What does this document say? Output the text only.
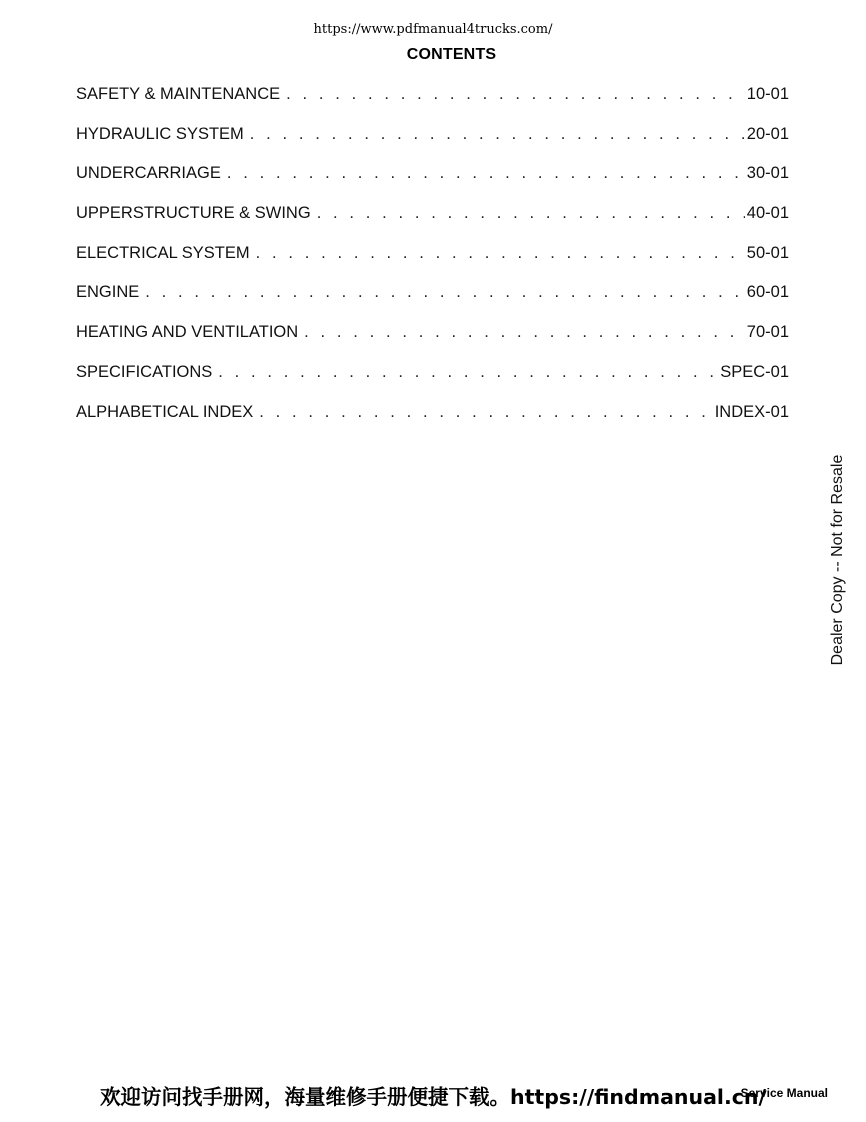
https://www.pdfmanual4trucks.com/
CONTENTS
SAFETY & MAINTENANCE . . .	10-01
HYDRAULIC SYSTEM . . .	20-01
UNDERCARRIAGE . . .	30-01
UPPERSTRUCTURE & SWING . . .	40-01
ELECTRICAL SYSTEM . . .	50-01
ENGINE . . .	60-01
HEATING AND VENTILATION . . .	70-01
SPECIFICATIONS . . .	SPEC-01
ALPHABETICAL INDEX . . .	INDEX-01
Dealer Copy -- Not for Resale
Service Manual
欢迎访问找手册网，海量维修手册便捷下载。https://findmanual.cn/
